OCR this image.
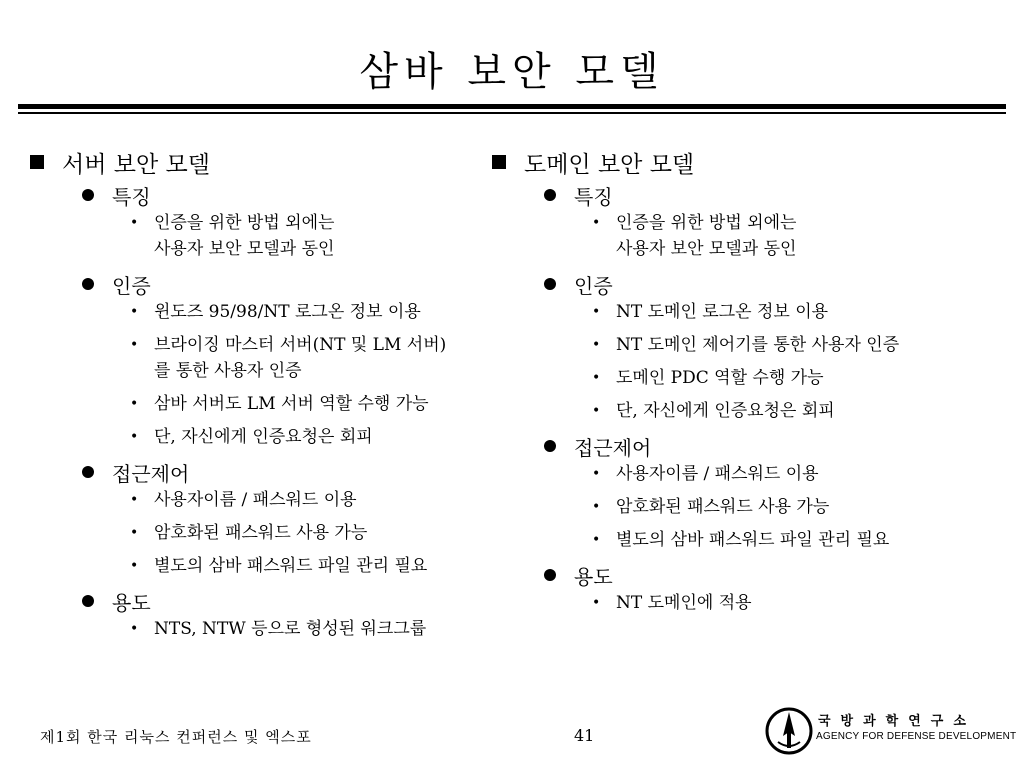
삼바 보안 모델
서버 보안 모델
특징
• 인증을 위한 방법 외에는
사용자 보안 모델과 동인
인증
• 윈도즈 95/98/NT 로그온 정보 이용
• 브라이징 마스터 서버(NT 및 LM 서버)
를 통한 사용자 인증
• 삼바 서버도 LM 서버 역할 수행 가능
• 단, 자신에게 인증요청은 회피
접근제어
• 사용자이름 / 패스워드 이용
• 암호화된 패스워드 사용 가능
• 별도의 삼바 패스워드 파일 관리 필요
용도
• NTS, NTW 등으로 형성된 워크그룹
도메인 보안 모델
특징
• 인증을 위한 방법 외에는
사용자 보안 모델과 동인
인증
• NT 도메인 로그온 정보 이용
• NT 도메인 제어기를 통한 사용자 인증
• 도메인 PDC 역할 수행 가능
• 단, 자신에게 인증요청은 회피
접근제어
• 사용자이름 / 패스워드 이용
• 암호화된 패스워드 사용 가능
• 별도의 삼바 패스워드 파일 관리 필요
용도
• NT 도메인에 적용
제1회 한국 리눅스 컨퍼런스 및 엑스포	41
국방과학연구소
AGENCY FOR DEFENSE DEVELOPMENT
